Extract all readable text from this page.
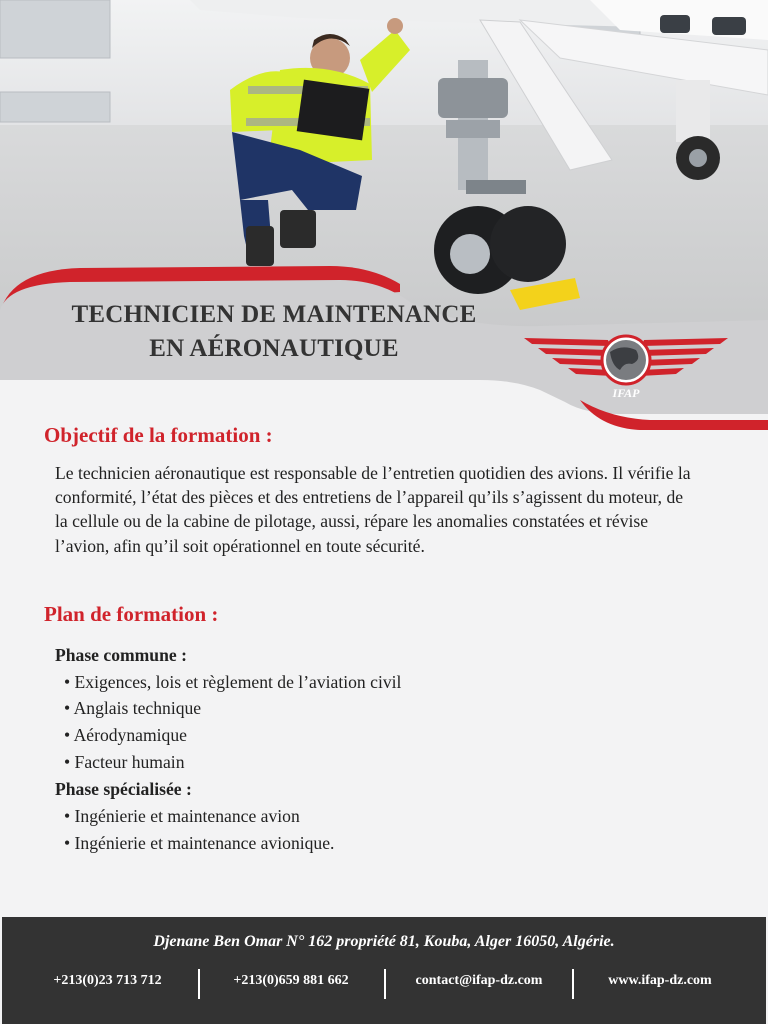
TECHNICIEN DE MAINTENANCE
EN AÉRONAUTIQUE
IFAP
Objectif de la formation :
Le technicien aéronautique est responsable de l’entretien quotidien des avions. Il vérifie la conformité, l’état des pièces et des entretiens de l’appareil qu’ils s’agissent du moteur, de la cellule ou de la cabine de pilotage, aussi, répare les anomalies constatées et révise l’avion, afin qu’il soit opérationnel en toute sécurité.
Plan de formation :
Phase commune :
• Exigences, lois et règlement de l’aviation civil
• Anglais technique
• Aérodynamique
• Facteur humain
Phase spécialisée :
• Ingénierie et maintenance avion
• Ingénierie et maintenance avionique.
Djenane Ben Omar N° 162 propriété 81, Kouba, Alger 16050, Algérie.
+213(0)23 713 712	+213(0)659 881 662	contact@ifap-dz.com	www.ifap-dz.com
